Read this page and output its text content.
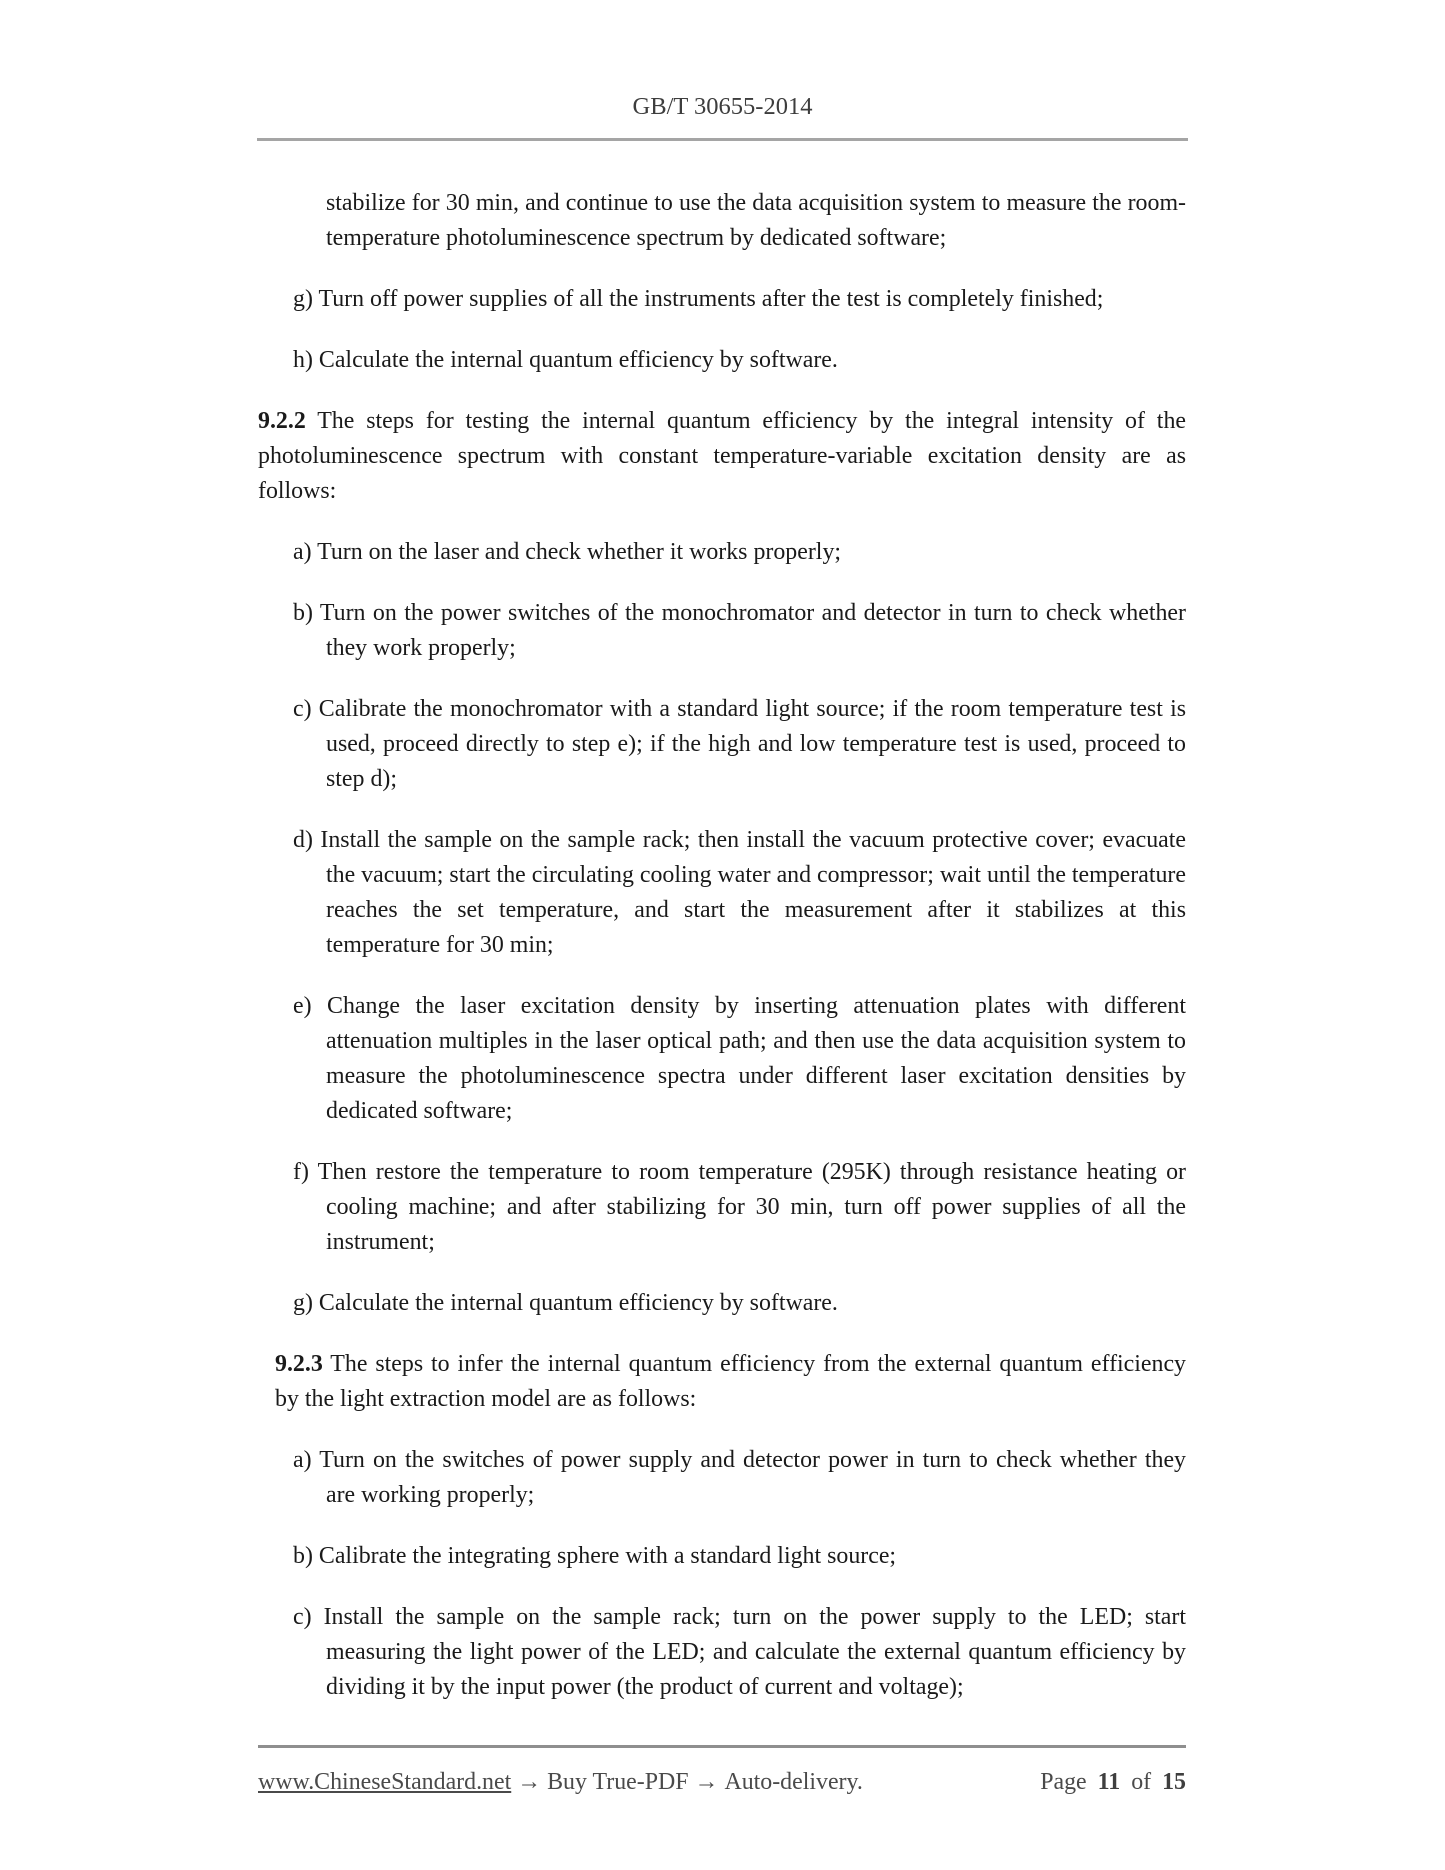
GB/T 30655-2014

stabilize for 30 min, and continue to use the data acquisition system to measure the room-temperature photoluminescence spectrum by dedicated software;

g) Turn off power supplies of all the instruments after the test is completely finished;

h) Calculate the internal quantum efficiency by software.

9.2.2 The steps for testing the internal quantum efficiency by the integral intensity of the photoluminescence spectrum with constant temperature-variable excitation density are as follows:

a) Turn on the laser and check whether it works properly;

b) Turn on the power switches of the monochromator and detector in turn to check whether they work properly;

c) Calibrate the monochromator with a standard light source; if the room temperature test is used, proceed directly to step e); if the high and low temperature test is used, proceed to step d);

d) Install the sample on the sample rack; then install the vacuum protective cover; evacuate the vacuum; start the circulating cooling water and compressor; wait until the temperature reaches the set temperature, and start the measurement after it stabilizes at this temperature for 30 min;

e) Change the laser excitation density by inserting attenuation plates with different attenuation multiples in the laser optical path; and then use the data acquisition system to measure the photoluminescence spectra under different laser excitation densities by dedicated software;

f) Then restore the temperature to room temperature (295K) through resistance heating or cooling machine; and after stabilizing for 30 min, turn off power supplies of all the instrument;

g) Calculate the internal quantum efficiency by software.

9.2.3 The steps to infer the internal quantum efficiency from the external quantum efficiency by the light extraction model are as follows:

a) Turn on the switches of power supply and detector power in turn to check whether they are working properly;

b) Calibrate the integrating sphere with a standard light source;

c) Install the sample on the sample rack; turn on the power supply to the LED; start measuring the light power of the LED; and calculate the external quantum efficiency by dividing it by the input power (the product of current and voltage);

www.ChineseStandard.net → Buy True-PDF → Auto-delivery.	Page 11 of 15
